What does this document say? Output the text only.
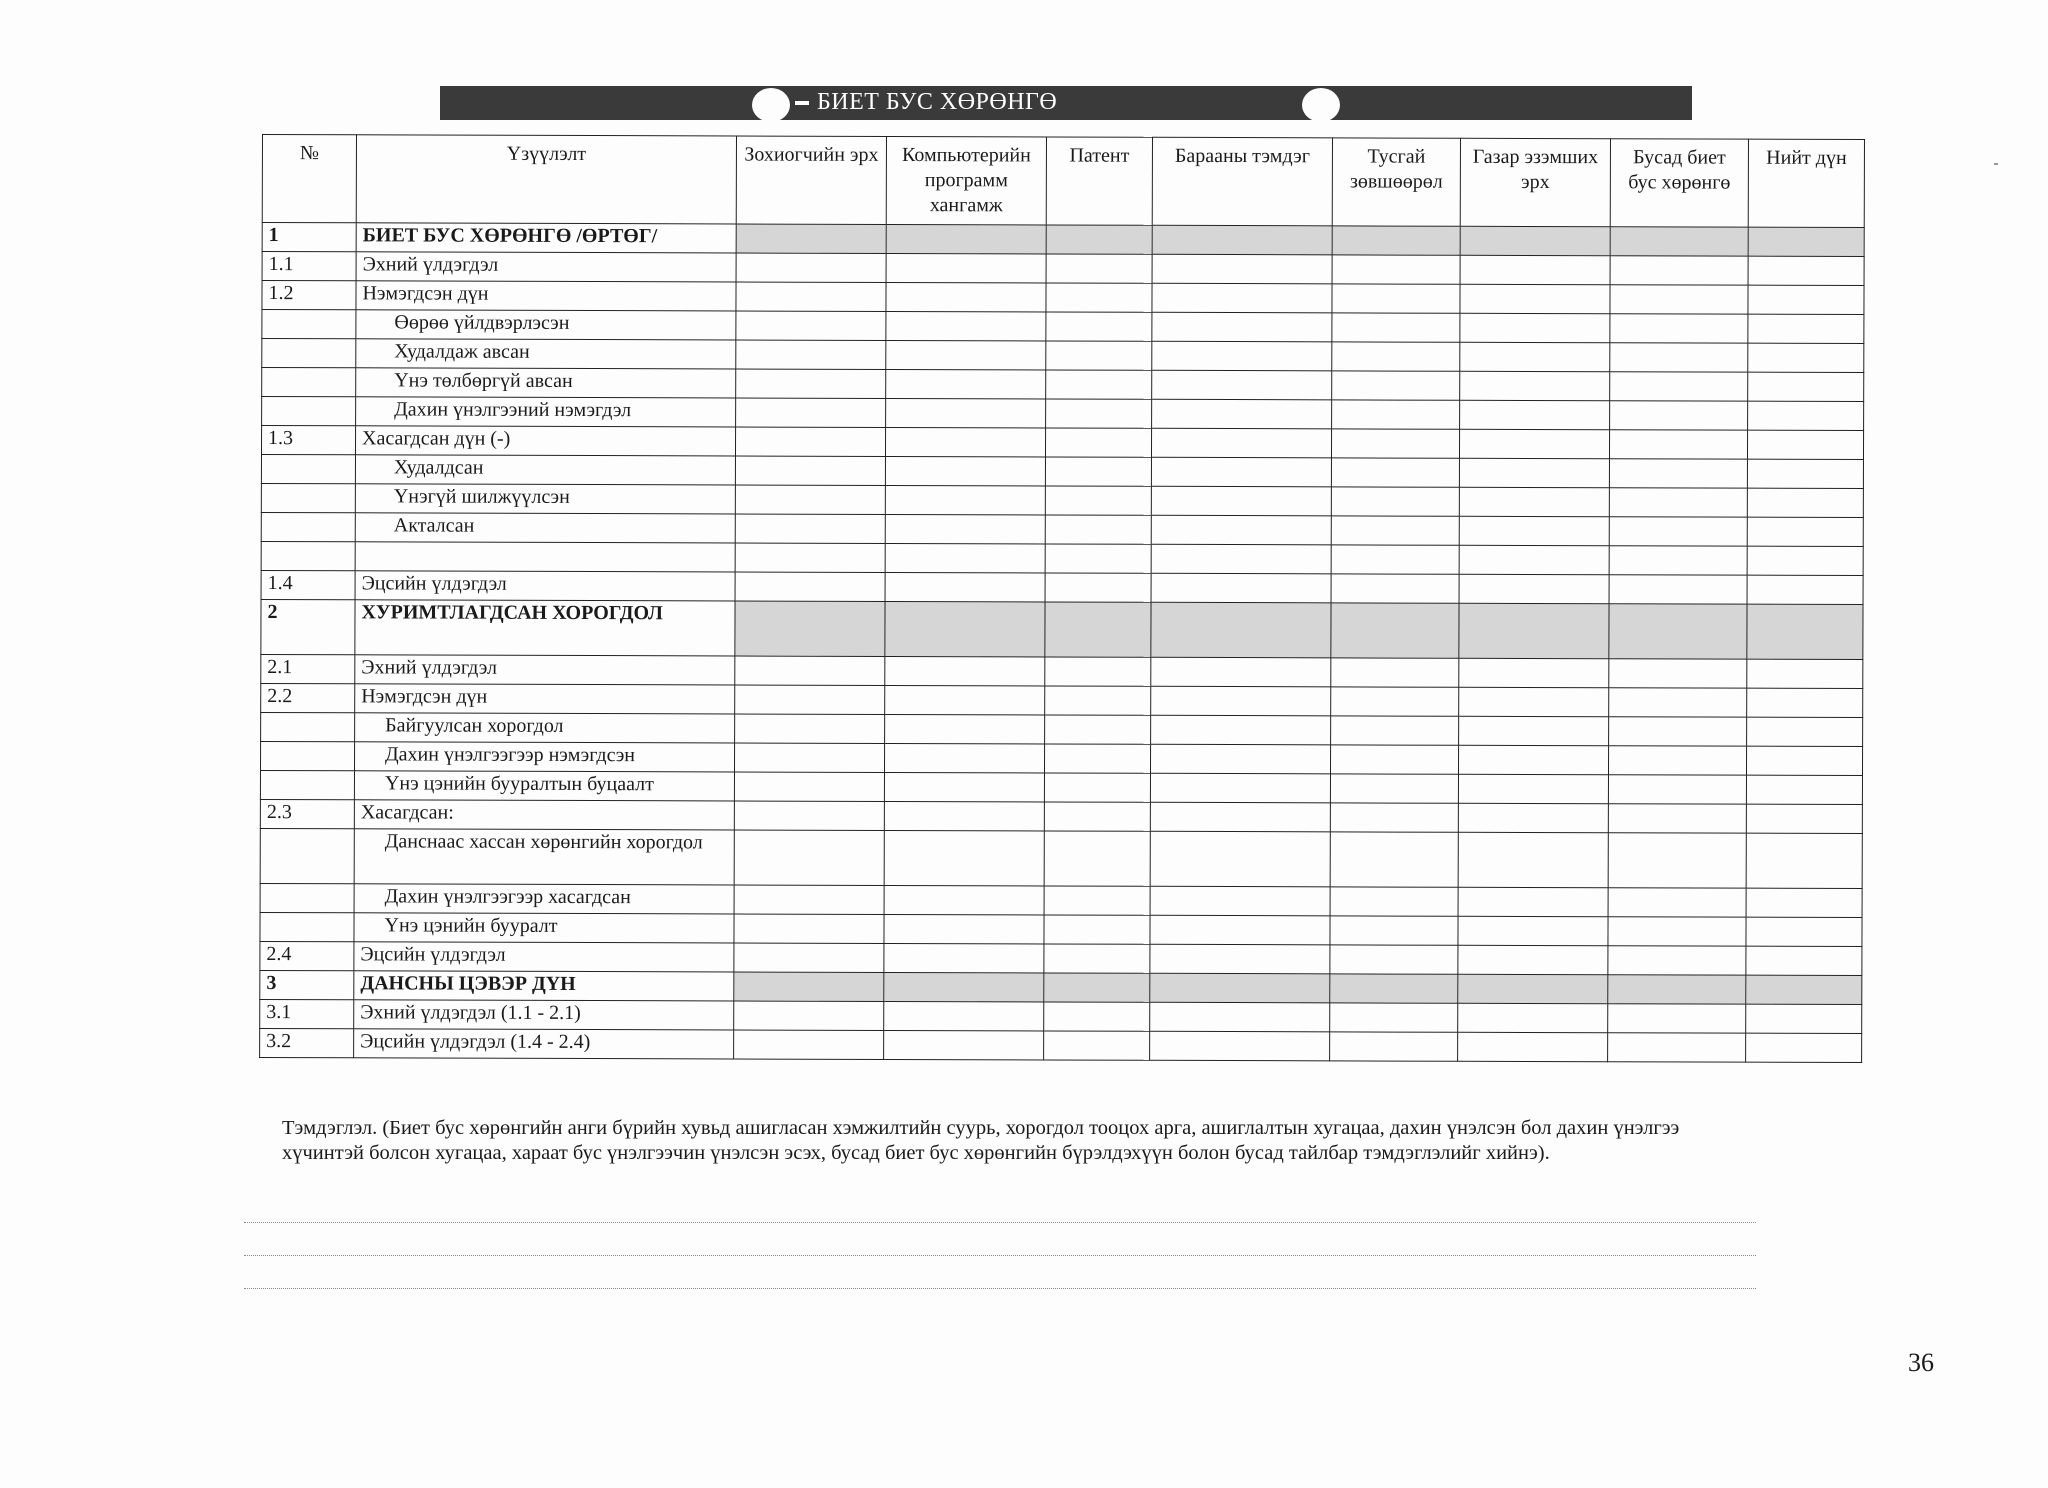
БИЕТ БУС ХӨРӨНГӨ
№	Үзүүлэлт	Зохиогчийн эрх	Компьютерийн программ хангамж	Патент	Барааны тэмдэг	Тусгай зөвшөөрөл	Газар эзэмших эрх	Бусад биет бус хөрөнгө	Нийт дүн
1	БИЕТ БУС ХӨРӨНГӨ /ӨРТӨГ/								
1.1	Эхний үлдэгдэл								
1.2	Нэмэгдсэн дүн								
	Өөрөө үйлдвэрлэсэн								
	Худалдаж авсан								
	Үнэ төлбөргүй авсан								
	Дахин үнэлгээний нэмэгдэл								
1.3	Хасагдсан дүн (-)								
	Худалдсан								
	Үнэгүй шилжүүлсэн								
	Акталсан								

1.4	Эцсийн үлдэгдэл								
2	ХУРИМТЛАГДСАН ХОРОГДОЛ								
2.1	Эхний үлдэгдэл								
2.2	Нэмэгдсэн дүн								
	Байгуулсан хорогдол								
	Дахин үнэлгээгээр нэмэгдсэн								
	Үнэ цэнийн бууралтын буцаалт								
2.3	Хасагдсан:								
	Данснаас хассан хөрөнгийн хорогдол								
	Дахин үнэлгээгээр хасагдсан								
	Үнэ цэнийн бууралт								
2.4	Эцсийн үлдэгдэл								
3	ДАНСНЫ ЦЭВЭР ДҮН								
3.1	Эхний үлдэгдэл (1.1 - 2.1)								
3.2	Эцсийн үлдэгдэл (1.4 - 2.4)								
Тэмдэглэл. (Биет бус хөрөнгийн анги бүрийн хувьд ашигласан хэмжилтийн суурь, хорогдол тооцох арга, ашиглалтын хугацаа, дахин үнэлсэн бол дахин үнэлгээ хүчинтэй болсон хугацаа, хараат бус үнэлгээчин үнэлсэн эсэх, бусад биет бус хөрөнгийн бүрэлдэхүүн болон бусад тайлбар тэмдэглэлийг хийнэ).
36
